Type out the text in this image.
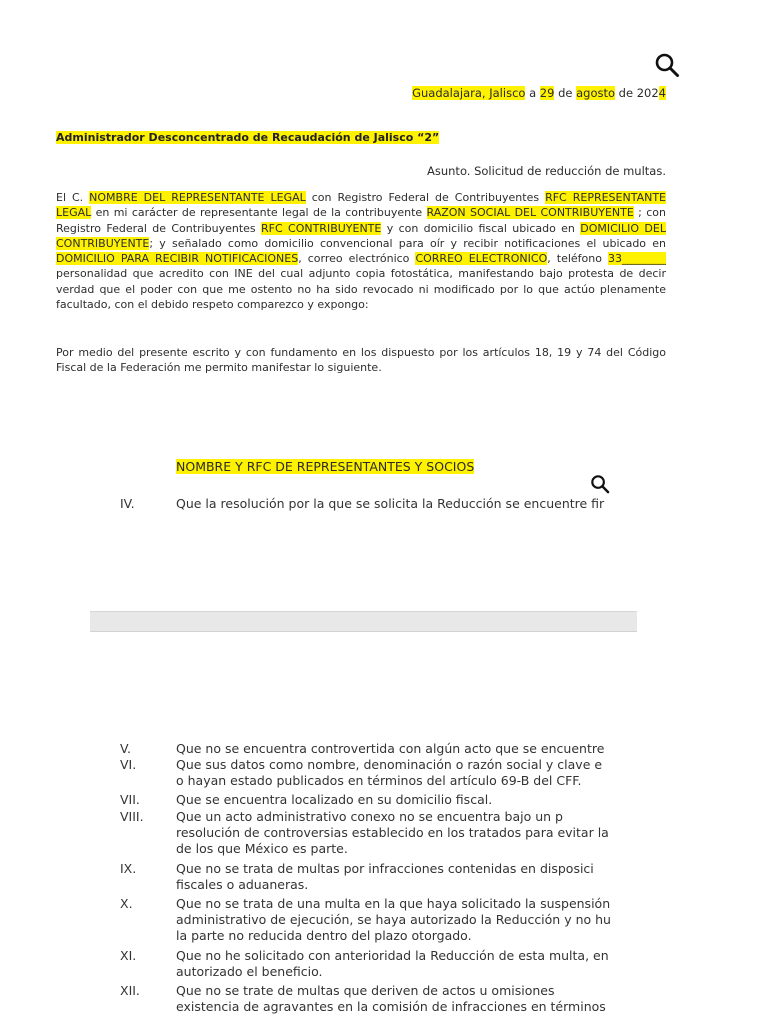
Guadalajara, Jalisco a 29 de agosto de 2024
Administrador Desconcentrado de Recaudación de Jalisco “2”
Asunto. Solicitud de reducción de multas.
El C. NOMBRE DEL REPRESENTANTE LEGAL con Registro Federal de Contribuyentes RFC REPRESENTANTE LEGAL en mi carácter de representante legal de la contribuyente RAZON SOCIAL DEL CONTRIBUYENTE ; con Registro Federal de Contribuyentes RFC CONTRIBUYENTE y con domicilio fiscal ubicado en DOMICILIO DEL CONTRIBUYENTE; y señalado como domicilio convencional para oír y recibir notificaciones el ubicado en DOMICILIO PARA RECIBIR NOTIFICACIONES, correo electrónico CORREO ELECTRONICO, teléfono 33________ personalidad que acredito con INE del cual adjunto copia fotostática, manifestando bajo protesta de decir verdad que el poder con que me ostento no ha sido revocado ni modificado por lo que actúo plenamente facultado, con el debido respeto comparezco y expongo:
Por medio del presente escrito y con fundamento en los dispuesto por los artículos 18, 19 y 74 del Código Fiscal de la Federación me permito manifestar lo siguiente.
NOMBRE Y RFC DE REPRESENTANTES Y SOCIOS
IV.	Que la resolución por la que se solicita la Reducción se encuentre fir
V.	Que no se encuentra controvertida con algún acto que se encuentre
VI.	Que sus datos como nombre, denominación o razón social y clave e
o hayan estado publicados en términos del artículo 69-B del CFF.
VII.	Que se encuentra localizado en su domicilio fiscal.
VIII.	Que un acto administrativo conexo no se encuentra bajo un p
resolución de controversias establecido en los tratados para evitar la
de los que México es parte.
IX.	Que no se trata de multas por infracciones contenidas en disposici
fiscales o aduaneras.
X.	Que no se trata de una multa en la que haya solicitado la suspensión
administrativo de ejecución, se haya autorizado la Reducción y no hu
la parte no reducida dentro del plazo otorgado.
XI.	Que no he solicitado con anterioridad la Reducción de esta multa, en
autorizado el beneficio.
XII.	Que no se trate de multas que deriven de actos u omisiones
existencia de agravantes en la comisión de infracciones en términos
